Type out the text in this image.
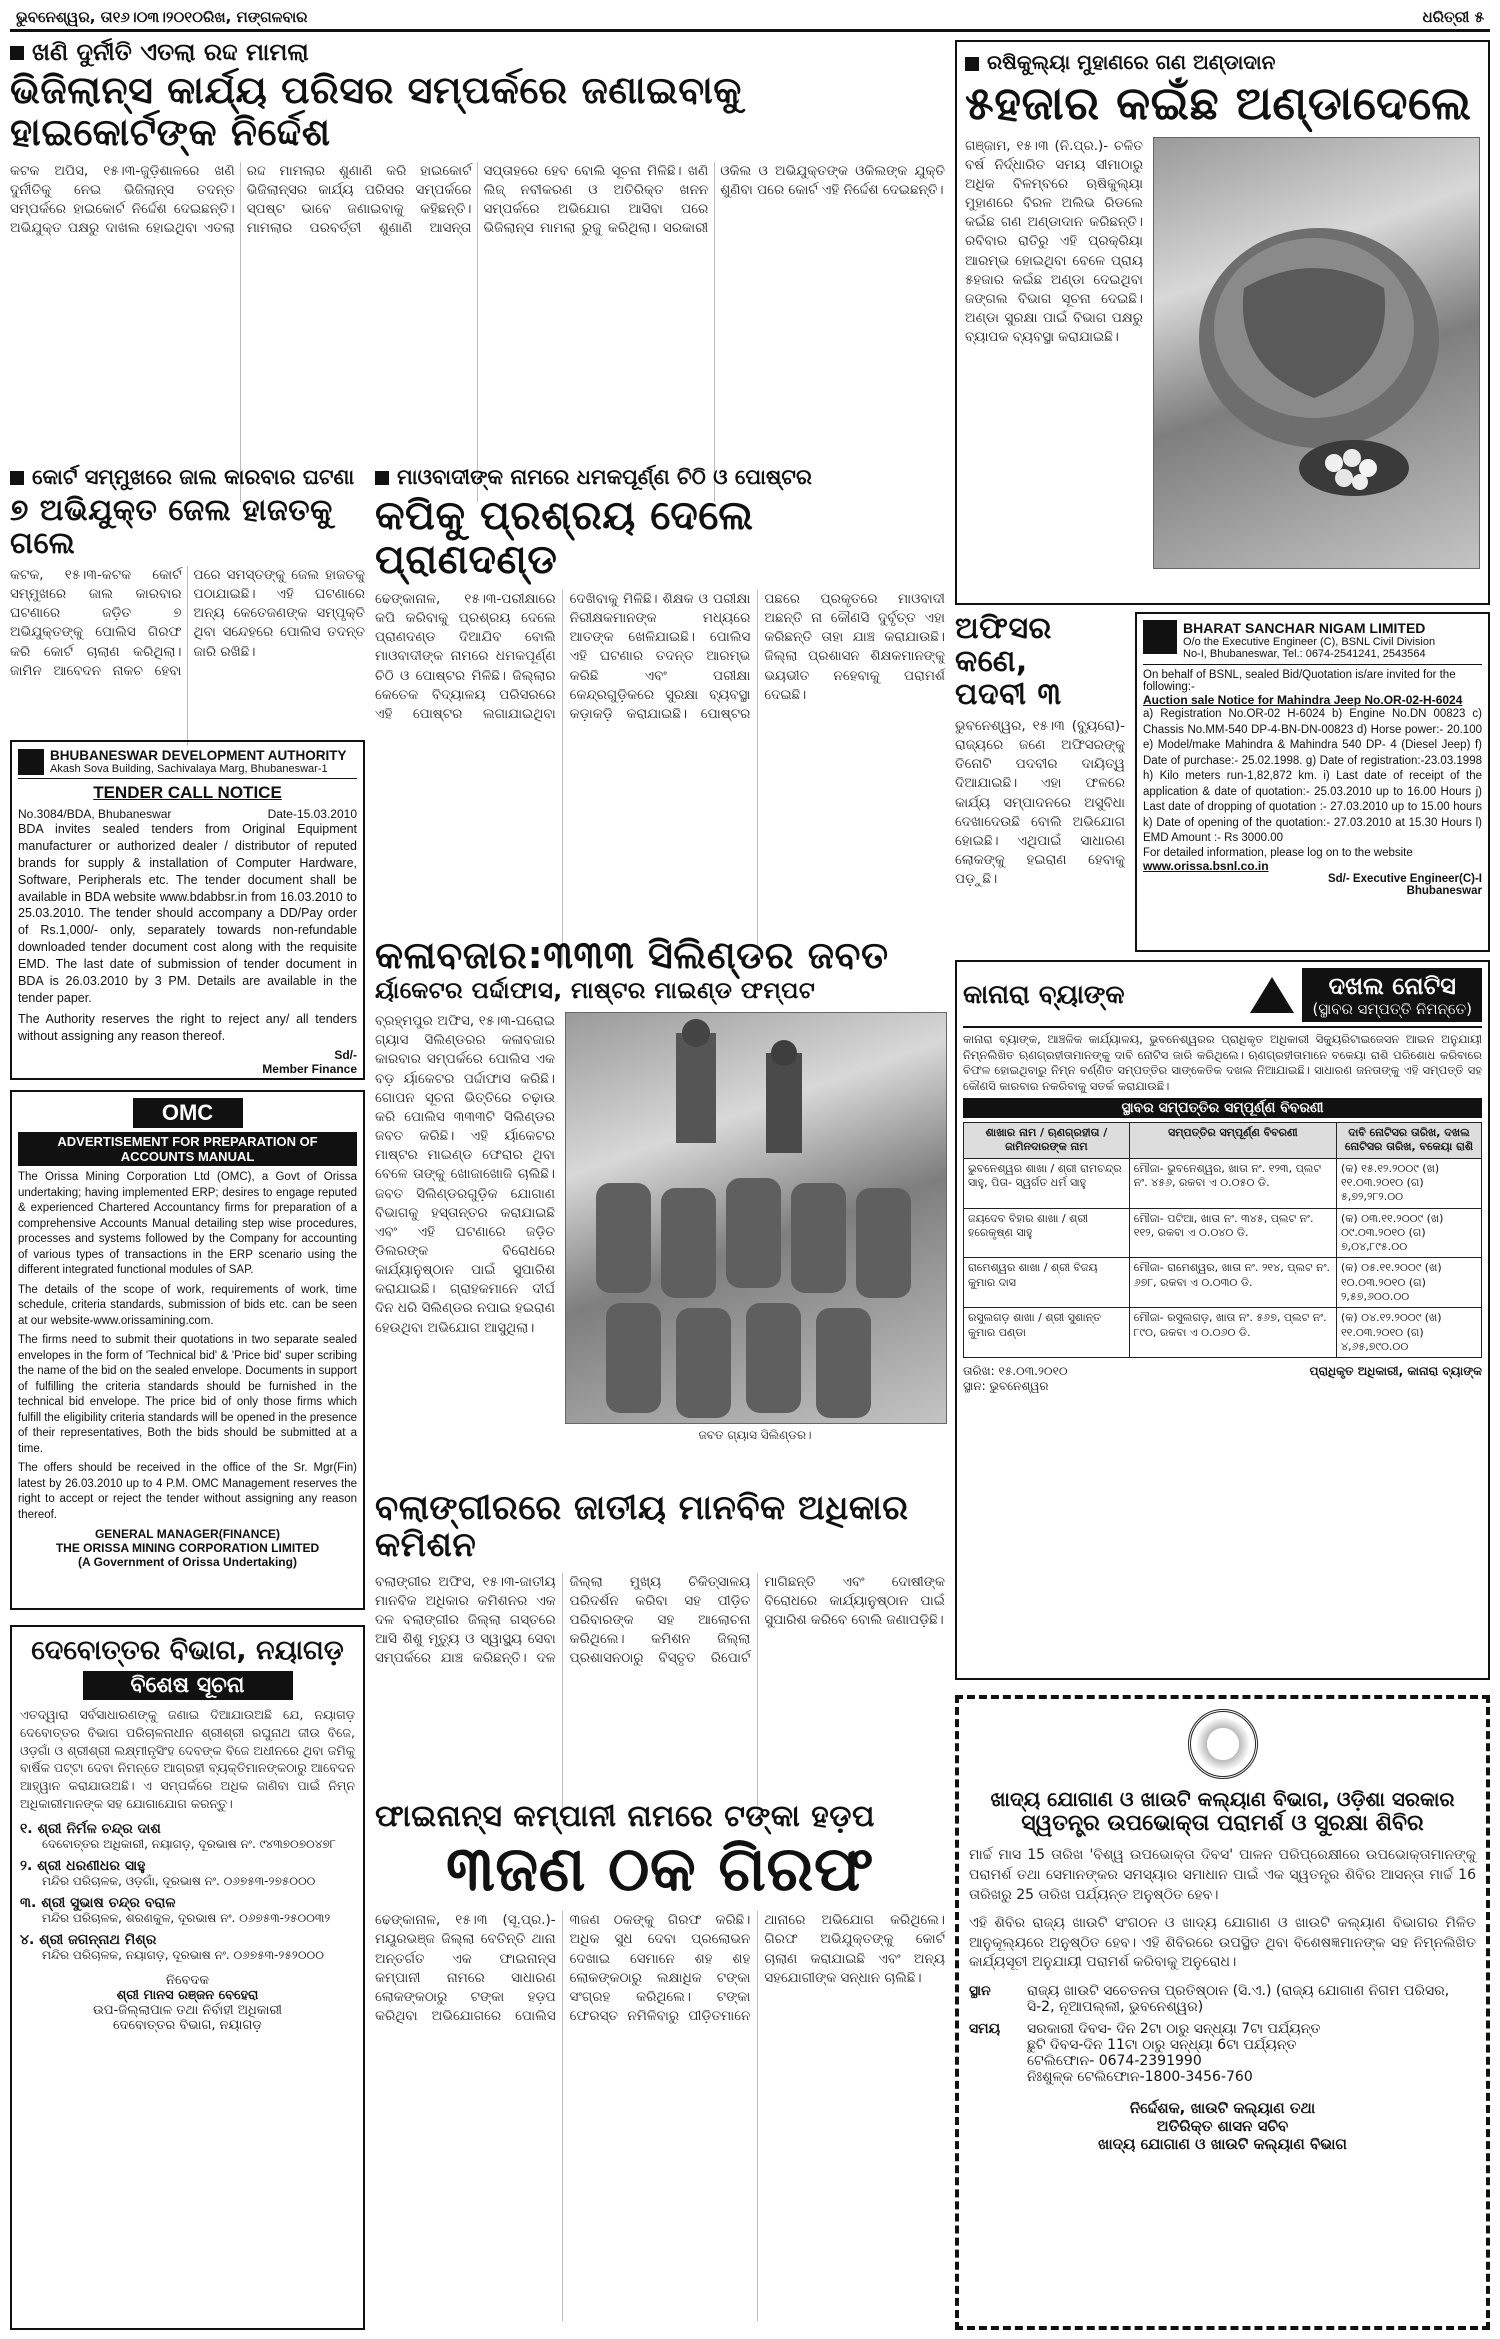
ଭୁବନେଶ୍ୱର, ତା୧୬।୦୩।୨୦୧୦ରିଖ, ମଙ୍ଗଳବାର	ଧରିତ୍ରୀ ୫
ଖଣି ଦୁର୍ନୀତି ଏତଲା ରଦ୍ଦ ମାମଲା
ଭିଜିଲାନ୍ସ କାର୍ଯ୍ୟ ପରିସର ସମ୍ପର୍କରେ ଜଣାଇବାକୁ ହାଇକୋର୍ଟଙ୍କ ନିର୍ଦ୍ଦେଶ
କଟକ ଅପିସ, ୧୫।୩-ଜୁଡ଼ିଶାଳରେ ଖଣି ଦୁର୍ନୀତିକୁ ନେଇ ଭିଜିଲାନ୍ସ ତଦନ୍ତ ସମ୍ପର୍କରେ ହାଇକୋର୍ଟ ନିର୍ଦ୍ଦେଶ ଦେଇଛନ୍ତି। ଅଭିଯୁକ୍ତ ପକ୍ଷରୁ ଦାଖଲ ହୋଇଥିବା ଏତଲା ରଦ୍ଦ ମାମଲାର ଶୁଣାଣି କରି ହାଇକୋର୍ଟ ଭିଜିଲାନ୍ସର କାର୍ଯ୍ୟ ପରିସର ସମ୍ପର୍କରେ ସ୍ପଷ୍ଟ ଭାବେ ଜଣାଇବାକୁ କହିଛନ୍ତି। ମାମଲାର ପରବର୍ତ୍ତୀ ଶୁଣାଣି ଆସନ୍ତା ସପ୍ତାହରେ ହେବ ବୋଲି ସୂଚନା ମିଳିଛି। ଖଣି ଲିଜ୍ ନବୀକରଣ ଓ ଅତିରିକ୍ତ ଖନନ ସମ୍ପର୍କରେ ଅଭିଯୋଗ ଆସିବା ପରେ ଭିଜିଲାନ୍ସ ମାମଲା ରୁଜୁ କରିଥିଲା। ସରକାରୀ ଓକିଲ ଓ ଅଭିଯୁକ୍ତଙ୍କ ଓକିଲଙ୍କ ଯୁକ୍ତି ଶୁଣିବା ପରେ କୋର୍ଟ ଏହି ନିର୍ଦ୍ଦେଶ ଦେଇଛନ୍ତି।
ରଷିକୁଲ୍ୟା ମୁହାଣରେ ଗଣ ଅଣ୍ଡାଦାନ
୫ହଜାର କଇଁଛ ଅଣ୍ଡାଦେଲେ
ଗଞ୍ଜାମ, ୧୫।୩ (ନି.ପ୍ର.)- ଚଳିତ ବର୍ଷ ନିର୍ଦ୍ଧାରିତ ସମୟ ସୀମାଠାରୁ ଅଧିକ ବିଳମ୍ବରେ ଋଷିକୁଲ୍ୟା ମୁହାଣରେ ବିରଳ ଅଲିଭ ରିଡଲେ କଇଁଛ ଗଣ ଅଣ୍ଡାଦାନ କରିଛନ୍ତି। ରବିବାର ରାତିରୁ ଏହି ପ୍ରକ୍ରିୟା ଆରମ୍ଭ ହୋଇଥିବା ବେଳେ ପ୍ରାୟ ୫ହଜାର କଇଁଛ ଅଣ୍ଡା ଦେଇଥିବା ଜଙ୍ଗଲ ବିଭାଗ ସୂଚନା ଦେଇଛି। ଅଣ୍ଡା ସୁରକ୍ଷା ପାଇଁ ବିଭାଗ ପକ୍ଷରୁ ବ୍ୟାପକ ବ୍ୟବସ୍ଥା କରାଯାଇଛି।
କୋର୍ଟ ସମ୍ମୁଖରେ ଜାଲ କାରବାର ଘଟଣା
୭ ଅଭିଯୁକ୍ତ ଜେଲ ହାଜତକୁ ଗଲେ
କଟକ, ୧୫।୩-କଟକ କୋର୍ଟ ସମ୍ମୁଖରେ ଜାଲ କାରବାର ଘଟଣାରେ ଜଡ଼ିତ ୭ ଅଭିଯୁକ୍ତଙ୍କୁ ପୋଲିସ ଗିରଫ କରି କୋର୍ଟ ଚାଲାଣ କରିଥିଲା। ଜାମିନ ଆବେଦନ ନାକଚ ହେବା ପରେ ସମସ୍ତଙ୍କୁ ଜେଲ ହାଜତକୁ ପଠାଯାଇଛି। ଏହି ଘଟଣାରେ ଅନ୍ୟ କେତେଜଣଙ୍କ ସମ୍ପୃକ୍ତି ଥିବା ସନ୍ଦେହରେ ପୋଲିସ ତଦନ୍ତ ଜାରି ରଖିଛି।
ମାଓବାଦୀଙ୍କ ନାମରେ ଧମକପୂର୍ଣ୍ଣ ଚିଠି ଓ ପୋଷ୍ଟର
କପିକୁ ପ୍ରଶ୍ରୟ ଦେଲେ ପ୍ରାଣଦଣ୍ଡ
ଢେଙ୍କାନାଳ, ୧୫।୩-ପରୀକ୍ଷାରେ କପି କରିବାକୁ ପ୍ରଶ୍ରୟ ଦେଲେ ପ୍ରାଣଦଣ୍ଡ ଦିଆଯିବ ବୋଲି ମାଓବାଦୀଙ୍କ ନାମରେ ଧମକପୂର୍ଣ୍ଣ ଚିଠି ଓ ପୋଷ୍ଟର ମିଳିଛି। ଜିଲ୍ଲାର କେତେକ ବିଦ୍ୟାଳୟ ପରିସରରେ ଏହି ପୋଷ୍ଟର ଲଗାଯାଇଥିବା ଦେଖିବାକୁ ମିଳିଛି। ଶିକ୍ଷକ ଓ ପରୀକ୍ଷା ନିରୀକ୍ଷକମାନଙ୍କ ମଧ୍ୟରେ ଆତଙ୍କ ଖେଳିଯାଇଛି। ପୋଲିସ ଏହି ଘଟଣାର ତଦନ୍ତ ଆରମ୍ଭ କରିଛି ଏବଂ ପରୀକ୍ଷା କେନ୍ଦ୍ରଗୁଡ଼ିକରେ ସୁରକ୍ଷା ବ୍ୟବସ୍ଥା କଡ଼ାକଡ଼ି କରାଯାଇଛି। ପୋଷ୍ଟର ପଛରେ ପ୍ରକୃତରେ ମାଓବାଦୀ ଅଛନ୍ତି ନା କୌଣସି ଦୁର୍ବୃତ୍ତ ଏହା କରିଛନ୍ତି ତାହା ଯାଞ୍ଚ କରାଯାଉଛି। ଜିଲ୍ଲା ପ୍ରଶାସନ ଶିକ୍ଷକମାନଙ୍କୁ ଭୟଭୀତ ନହେବାକୁ ପରାମର୍ଶ ଦେଇଛି।
ଅଫିସର
କଣେ,
ପଦବୀ ୩
ଭୁବନେଶ୍ୱର, ୧୫।୩ (ବ୍ୟୁରୋ)- ରାଜ୍ୟରେ ଜଣେ ଅଫିସରଙ୍କୁ ତିନୋଟି ପଦବୀର ଦାୟିତ୍ୱ ଦିଆଯାଇଛି। ଏହା ଫଳରେ କାର୍ଯ୍ୟ ସମ୍ପାଦନରେ ଅସୁବିଧା ଦେଖାଦେଉଛି ବୋଲି ଅଭିଯୋଗ ହୋଇଛି। ଏଥିପାଇଁ ସାଧାରଣ ଲୋକଙ୍କୁ ହଇରାଣ ହେବାକୁ ପଡ଼ୁଛି।
BHARAT SANCHAR NIGAM LIMITED
O/o the Executive Engineer (C), BSNL Civil Division
No-I, Bhubaneswar, Tel.: 0674-2541241, 2543564
On behalf of BSNL, sealed Bid/Quotation is/are invited for the following:-
Auction sale Notice for Mahindra Jeep No.OR-02-H-6024
a) Registration No.OR-02 H-6024 b) Engine No.DN 00823 c) Chassis No.MM-540 DP-4-BN-DN-00823 d) Horse power:- 20.100 e) Model/make Mahindra & Mahindra 540 DP- 4 (Diesel Jeep) f) Date of purchase:- 25.02.1998. g) Date of registration:-23.03.1998 h) Kilo meters run-1,82,872 km. i) Last date of receipt of the application & date of quotation:- 25.03.2010 up to 16.00 Hours j) Last date of dropping of quotation :- 27.03.2010 up to 15.00 hours k) Date of opening of the quotation:- 27.03.2010 at 15.30 Hours l) EMD Amount :- Rs 3000.00
For detailed information, please log on to the website
www.orissa.bsnl.co.in
Sd/- Executive Engineer(C)-I
Bhubaneswar
BHUBANESWAR DEVELOPMENT AUTHORITY
Akash Sova Building, Sachivalaya Marg, Bhubaneswar-1
TENDER CALL NOTICE
No.3084/BDA, Bhubaneswar	Date-15.03.2010

BDA invites sealed tenders from Original Equipment manufacturer or authorized dealer / distributor of reputed brands for supply & installation of Computer Hardware, Software, Peripherals etc. The tender document shall be available in BDA website www.bdabbsr.in from 16.03.2010 to 25.03.2010. The tender should accompany a DD/Pay order of Rs.1,000/- only, separately towards non-refundable downloaded tender document cost along with the requisite EMD. The last date of submission of tender document in BDA is 26.03.2010 by 3 PM. Details are available in the tender paper.

The Authority reserves the right to reject any/ all tenders without assigning any reason thereof.

Sd/-
Member Finance
OMC
ADVERTISEMENT FOR PREPARATION OF
ACCOUNTS MANUAL

The Orissa Mining Corporation Ltd (OMC), a Govt of Orissa undertaking; having implemented ERP; desires to engage reputed & experienced Chartered Accountancy firms for preparation of a comprehensive Accounts Manual detailing step wise procedures, processes and systems followed by the Company for accounting of various types of transactions in the ERP scenario using the different integrated functional modules of SAP.

The details of the scope of work, requirements of work, time schedule, criteria standards, submission of bids etc. can be seen at our website-www.orissamining.com.

The firms need to submit their quotations in two separate sealed envelopes in the form of 'Technical bid' & 'Price bid' super scribing the name of the bid on the sealed envelope. Documents in support of fulfilling the criteria standards should be furnished in the technical bid envelope. The price bid of only those firms which fulfill the eligibility criteria standards will be opened in the presence of their representatives, Both the bids should be submitted at a time.

The offers should be received in the office of the Sr. Mgr(Fin) latest by 26.03.2010 up to 4 P.M. OMC Management reserves the right to accept or reject the tender without assigning any reason thereof.

GENERAL MANAGER(FINANCE)
THE ORISSA MINING CORPORATION LIMITED
(A Government of Orissa Undertaking)
କଳାବଜାର:୩୩୩ ସିଲିଣ୍ଡର ଜବତ
ର୍ୟାକେଟର ପର୍ଦ୍ଦାଫାସ, ମାଷ୍ଟର ମାଇଣ୍ଡ ଫମ୍ପଟ
ବ୍ରହ୍ମପୁର ଅଫିସ, ୧୫।୩-ଘରୋଇ ଗ୍ୟାସ ସିଲିଣ୍ଡରର କଳାବଜାର କାରବାର ସମ୍ପର୍କରେ ପୋଲିସ ଏକ ବଡ଼ ର୍ୟାକେଟର ପର୍ଦ୍ଦାଫାସ କରିଛି। ଗୋପନ ସୂଚନା ଭିତ୍ତିରେ ଚଢ଼ାଉ କରି ପୋଲିସ ୩୩୩ଟି ସିଲିଣ୍ଡର ଜବତ କରିଛି। ଏହି ର୍ୟାକେଟର ମାଷ୍ଟର ମାଇଣ୍ଡ ଫେରାର ଥିବା ବେଳେ ତାଙ୍କୁ ଖୋଜାଖୋଜି ଚାଲିଛି। ଜବତ ସିଲିଣ୍ଡରଗୁଡ଼ିକ ଯୋଗାଣ ବିଭାଗକୁ ହସ୍ତାନ୍ତର କରାଯାଇଛି ଏବଂ ଏହି ଘଟଣାରେ ଜଡ଼ିତ ଡିଲରଙ୍କ ବିରୋଧରେ କାର୍ଯ୍ୟାନୁଷ୍ଠାନ ପାଇଁ ସୁପାରିଶ କରାଯାଇଛି। ଗ୍ରାହକମାନେ ଦୀର୍ଘ ଦିନ ଧରି ସିଲିଣ୍ଡର ନପାଇ ହଇରାଣ ହେଉଥିବା ଅଭିଯୋଗ ଆସୁଥିଲା।
ଜବତ ଗ୍ୟାସ ସିଲିଣ୍ଡର।
କାନାରା ବ୍ୟାଙ୍କ	ଦଖଲ ନୋଟିସ
(ସ୍ଥାବର ସମ୍ପତ୍ତି ନିମନ୍ତେ)
କାନାରା ବ୍ୟାଙ୍କ, ଆଞ୍ଚଳିକ କାର୍ଯ୍ୟାଳୟ, ଭୁବନେଶ୍ୱରର ପ୍ରାଧିକୃତ ଅଧିକାରୀ ସିକ୍ୟୁରିଟାଇଜେସନ ଆଇନ ଅନୁଯାୟୀ ନିମ୍ନଲିଖିତ ଋଣଗ୍ରହୀତାମାନଙ୍କୁ ଦାବି ନୋଟିସ ଜାରି କରିଥିଲେ। ଋଣଗ୍ରହୀତାମାନେ ବକେୟା ରାଶି ପରିଶୋଧ କରିବାରେ ବିଫଳ ହୋଇଥିବାରୁ ନିମ୍ନ ବର୍ଣ୍ଣିତ ସମ୍ପତ୍ତିର ସାଙ୍କେତିକ ଦଖଲ ନିଆଯାଇଛି। ସାଧାରଣ ଜନତାଙ୍କୁ ଏହି ସମ୍ପତ୍ତି ସହ କୌଣସି କାରବାର ନକରିବାକୁ ସତର୍କ କରାଯାଉଛି।
ସ୍ଥାବର ସମ୍ପତ୍ତିର ସମ୍ପୂର୍ଣ୍ଣ ବିବରଣୀ
ଶାଖାର ନାମ / ଋଣଗ୍ରହୀତା / ଜାମିନଦାରଙ୍କ ନାମ	ସମ୍ପତ୍ତିର ସମ୍ପୂର୍ଣ୍ଣ ବିବରଣୀ	ଦାବି ନୋଟିସର ତାରିଖ, ଦଖଲ ନୋଟିସର ତାରିଖ, ବକେୟା ରାଶି
ଭୁବନେଶ୍ୱର ଶାଖା / ଶ୍ରୀ ରାମଚନ୍ଦ୍ର ସାହୁ, ପିତା- ସ୍ୱର୍ଗତ ଧର୍ମ ସାହୁ	ମୌଜା- ଭୁବନେଶ୍ୱର, ଖାତା ନଂ. ୧୨୩, ପ୍ଲଟ ନଂ. ୪୫୬, ରକବା ଏ ୦.୦୫୦ ଡି.	(କ) ୧୫.୧୨.୨୦୦୯ (ଖ) ୧୧.୦୩.୨୦୧୦ (ଗ) ୫,୭୨,୨୮୨.୦୦
ଜୟଦେବ ବିହାର ଶାଖା / ଶ୍ରୀ ହରେକୃଷ୍ଣ ସାହୁ	ମୌଜା- ପଟିଆ, ଖାତା ନଂ. ୩୪୫, ପ୍ଲଟ ନଂ. ୧୧୨, ରକବା ଏ ୦.୦୪୦ ଡି.	(କ) ୦୩.୧୧.୨୦୦୯ (ଖ) ୦୯.୦୩.୨୦୧୦ (ଗ) ୭,୦୪,୮୯୫.୦୦
ରାମେଶ୍ୱର ଶାଖା / ଶ୍ରୀ ବିଜୟ କୁମାର ଦାସ	ମୌଜା- ରାମେଶ୍ୱର, ଖାତା ନଂ. ୨୧୪, ପ୍ଲଟ ନଂ. ୬୭୮, ରକବା ଏ ୦.୦୩୦ ଡି.	(କ) ୦୫.୧୧.୨୦୦୯ (ଖ) ୧୦.୦୩.୨୦୧୦ (ଗ) ୨,୫୭,୬୦୦.୦୦
ରସୁଲଗଡ଼ ଶାଖା / ଶ୍ରୀ ସୁଶାନ୍ତ କୁମାର ପଣ୍ଡା	ମୌଜା- ରସୁଲଗଡ଼, ଖାତା ନଂ. ୫୬୭, ପ୍ଲଟ ନଂ. ୮୯୦, ରକବା ଏ ୦.୦୬୦ ଡି.	(କ) ୦୪.୧୨.୨୦୦୯ (ଖ) ୧୧.୦୩.୨୦୧୦ (ଗ) ୪,୬୫,୭୯୦.୦୦
ତାରିଖ: ୧୫.୦୩.୨୦୧୦
ସ୍ଥାନ: ଭୁବନେଶ୍ୱର
ପ୍ରାଧିକୃତ ଅଧିକାରୀ, କାନାରା ବ୍ୟାଙ୍କ
ବଲାଙ୍ଗୀରରେ ଜାତୀୟ ମାନବିକ ଅଧିକାର କମିଶନ
ବଲାଙ୍ଗୀର ଅଫିସ, ୧୫।୩-ଜାତୀୟ ମାନବିକ ଅଧିକାର କମିଶନର ଏକ ଦଳ ବଲାଙ୍ଗୀର ଜିଲ୍ଲା ଗସ୍ତରେ ଆସି ଶିଶୁ ମୃତ୍ୟୁ ଓ ସ୍ୱାସ୍ଥ୍ୟ ସେବା ସମ୍ପର୍କରେ ଯାଞ୍ଚ କରିଛନ୍ତି। ଦଳ ଜିଲ୍ଲା ମୁଖ୍ୟ ଚିକିତ୍ସାଳୟ ପରିଦର୍ଶନ କରିବା ସହ ପୀଡ଼ିତ ପରିବାରଙ୍କ ସହ ଆଲୋଚନା କରିଥିଲେ। କମିଶନ ଜିଲ୍ଲା ପ୍ରଶାସନଠାରୁ ବିସ୍ତୃତ ରିପୋର୍ଟ ମାଗିଛନ୍ତି ଏବଂ ଦୋଷୀଙ୍କ ବିରୋଧରେ କାର୍ଯ୍ୟାନୁଷ୍ଠାନ ପାଇଁ ସୁପାରିଶ କରିବେ ବୋଲି ଜଣାପଡ଼ିଛି।
ଦେବୋତ୍ତର ବିଭାଗ, ନୟାଗଡ଼
ବିଶେଷ ସୂଚନା
ଏତଦ୍ୱାରା ସର୍ବସାଧାରଣଙ୍କୁ ଜଣାଇ ଦିଆଯାଉଅଛି ଯେ, ନୟାଗଡ଼ ଦେବୋତ୍ତର ବିଭାଗ ପରିଚାଳନାଧୀନ ଶ୍ରୀଶ୍ରୀ ରଘୁନାଥ ଜୀଉ ବିଜେ, ଓଡ଼ଗାଁ ଓ ଶ୍ରୀଶ୍ରୀ ଲକ୍ଷ୍ମୀନୃସିଂହ ଦେବଙ୍କ ବିଜେ ଅଧୀନରେ ଥିବା ଜମିକୁ ବାର୍ଷିକ ପଟ୍ଟା ଦେବା ନିମନ୍ତେ ଆଗ୍ରହୀ ବ୍ୟକ୍ତିମାନଙ୍କଠାରୁ ଆବେଦନ ଆହ୍ୱାନ କରାଯାଉଅଛି। ଏ ସମ୍ପର୍କରେ ଅଧିକ ଜାଣିବା ପାଇଁ ନିମ୍ନ ଅଧିକାରୀମାନଙ୍କ ସହ ଯୋଗାଯୋଗ କରନ୍ତୁ।
୧. ଶ୍ରୀ ନିର୍ମଳ ଚନ୍ଦ୍ର ଦାଶ
ଦେବୋତ୍ତର ଅଧିକାରୀ, ନୟାଗଡ଼, ଦୂରଭାଷ ନଂ. ୯୪୩୭୦୭୦୪୭୮
୨. ଶ୍ରୀ ଧରଣୀଧର ସାହୁ
ମନ୍ଦିର ପରିଚାଳକ, ଓଡ଼ଗାଁ, ଦୂରଭାଷ ନଂ. ୦୬୭୫୩-୨୭୫୦୦୦
୩. ଶ୍ରୀ ସୁଭାଷ ଚନ୍ଦ୍ର ବରାଳ
ମନ୍ଦିର ପରିଚାଳକ, ଶରଣକୁଳ, ଦୂରଭାଷ ନଂ. ୦୬୭୫୩-୨୫୦୦୩୨
୪. ଶ୍ରୀ ଜଗନ୍ନାଥ ମିଶ୍ର
ମନ୍ଦିର ପରିଚାଳକ, ନୟାଗଡ଼, ଦୂରଭାଷ ନଂ. ୦୬୭୫୩-୨୫୨୦୦୦
ନିବେଦକ
ଶ୍ରୀ ମାନସ ରଞ୍ଜନ ବେହେରା
ଉପ-ଜିଲ୍ଲାପାଳ ତଥା ନିର୍ବାହୀ ଅଧିକାରୀ
ଦେବୋତ୍ତର ବିଭାଗ, ନୟାଗଡ଼
ଫାଇନାନ୍ସ କମ୍ପାନୀ ନାମରେ ଟଙ୍କା ହଡ଼ପ
୩ଜଣ ଠକ ଗିରଫ
ଢେଙ୍କାନାଳ, ୧୫।୩ (ସୂ.ପ୍ର.)-ମୟୂରଭଞ୍ଜ ଜିଲ୍ଲା ବେତିନ୍ତି ଥାନା ଅନ୍ତର୍ଗତ ଏକ ଫାଇନାନ୍ସ କମ୍ପାନୀ ନାମରେ ସାଧାରଣ ଲୋକଙ୍କଠାରୁ ଟଙ୍କା ହଡ଼ପ କରିଥିବା ଅଭିଯୋଗରେ ପୋଲିସ ୩ଜଣ ଠକଙ୍କୁ ଗିରଫ କରିଛି। ଅଧିକ ସୁଧ ଦେବା ପ୍ରଲୋଭନ ଦେଖାଇ ସେମାନେ ଶହ ଶହ ଲୋକଙ୍କଠାରୁ ଲକ୍ଷାଧିକ ଟଙ୍କା ସଂଗ୍ରହ କରିଥିଲେ। ଟଙ୍କା ଫେରସ୍ତ ନମିଳିବାରୁ ପୀଡ଼ିତମାନେ ଥାନାରେ ଅଭିଯୋଗ କରିଥିଲେ। ଗିରଫ ଅଭିଯୁକ୍ତଙ୍କୁ କୋର୍ଟ ଚାଲାଣ କରାଯାଇଛି ଏବଂ ଅନ୍ୟ ସହଯୋଗୀଙ୍କ ସନ୍ଧାନ ଚାଲିଛି।
ଖାଦ୍ୟ ଯୋଗାଣ ଓ ଖାଉଟି କଲ୍ୟାଣ ବିଭାଗ, ଓଡ଼ିଶା ସରକାର
ସ୍ୱତନ୍ତ୍ର ଉପଭୋକ୍ତା ପରାମର୍ଶ ଓ ସୁରକ୍ଷା ଶିବିର
ମାର୍ଚ୍ଚ ମାସ 15 ତାରିଖ 'ବିଶ୍ୱ ଉପଭୋକ୍ତା ଦିବସ' ପାଳନ ପରିପ୍ରେକ୍ଷୀରେ ଉପଭୋକ୍ତାମାନଙ୍କୁ ପରାମର୍ଶ ତଥା ସେମାନଙ୍କର ସମସ୍ୟାର ସମାଧାନ ପାଇଁ ଏକ ସ୍ୱତନ୍ତ୍ର ଶିବିର ଆସନ୍ତା ମାର୍ଚ୍ଚ 16 ତାରିଖରୁ 25 ତାରିଖ ପର୍ଯ୍ୟନ୍ତ ଅନୁଷ୍ଠିତ ହେବ।
ଏହି ଶିବିର ରାଜ୍ୟ ଖାଉଟି ସଂଗଠନ ଓ ଖାଦ୍ୟ ଯୋଗାଣ ଓ ଖାଉଟି କଲ୍ୟାଣ ବିଭାଗର ମିଳିତ ଆନୁକୂଲ୍ୟରେ ଅନୁଷ୍ଠିତ ହେବ। ଏହି ଶିବିରରେ ଉପସ୍ଥିତ ଥିବା ବିଶେଷଜ୍ଞମାନଙ୍କ ସହ ନିମ୍ନଲିଖିତ କାର୍ଯ୍ୟସୂଚୀ ଅନୁଯାୟୀ ପରାମର୍ଶ କରିବାକୁ ଅନୁରୋଧ।
ସ୍ଥାନ	ରାଜ୍ୟ ଖାଉଟି ସଚେତନତା ପ୍ରତିଷ୍ଠାନ (ସି.ଏ.) (ରାଜ୍ୟ ଯୋଗାଣ ନିଗମ ପରିସର, ସି-2, ନୂଆପଲ୍ଲୀ, ଭୁବନେଶ୍ୱର)
ସମୟ	ସରକାରୀ ଦିବସ- ଦିନ 2ଟା ଠାରୁ ସନ୍ଧ୍ୟା 7ଟା ପର୍ଯ୍ୟନ୍ତ
ଛୁଟି ଦିବସ-ଦିନ 11ଟା ଠାରୁ ସନ୍ଧ୍ୟା 6ଟା ପର୍ଯ୍ୟନ୍ତ
ଟେଲିଫୋନ- 0674-2391990
ନିଃଶୁଳ୍କ ଟେଲିଫୋନ-1800-3456-760
ନିର୍ଦ୍ଦେଶକ, ଖାଉଟି କଲ୍ୟାଣ ତଥା
ଅତିରିକ୍ତ ଶାସନ ସଚିବ
ଖାଦ୍ୟ ଯୋଗାଣ ଓ ଖାଉଟି କଲ୍ୟାଣ ବିଭାଗ
